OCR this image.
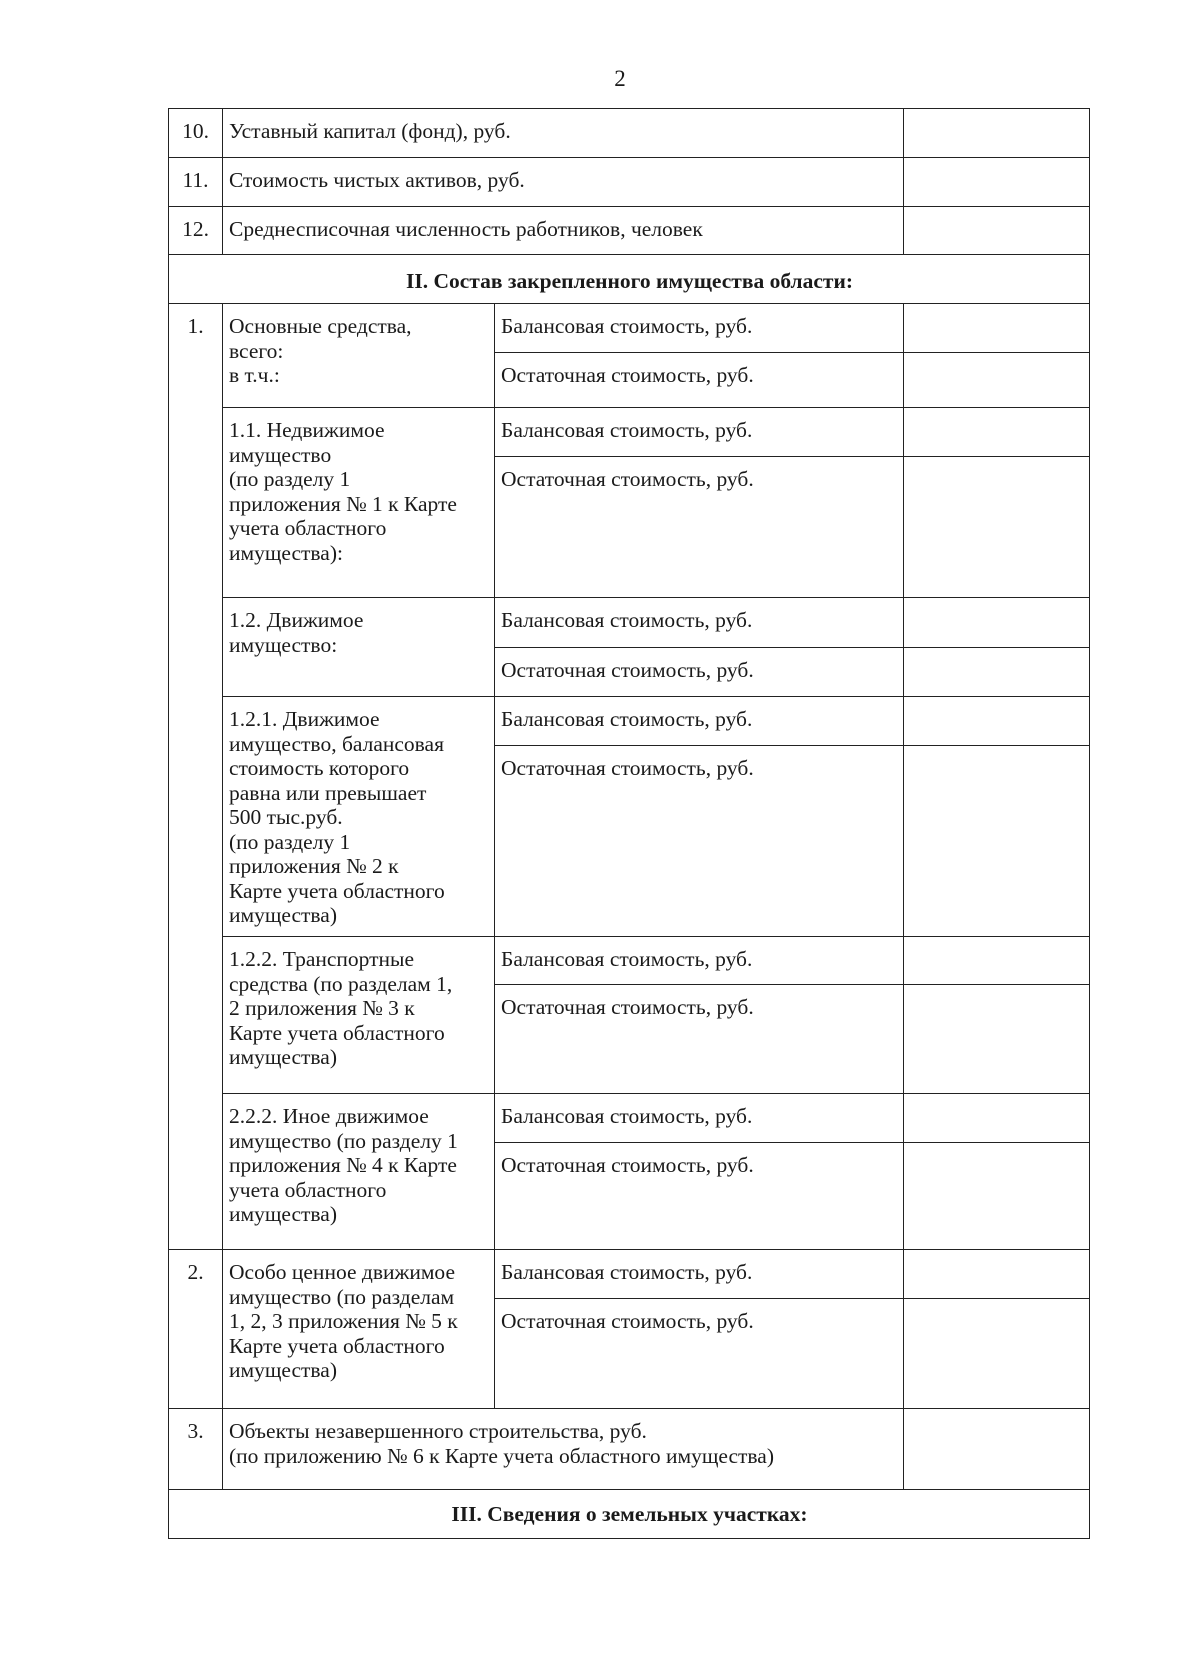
2
10. Уставный капитал (фонд), руб.
11. Стоимость чистых активов, руб.
12. Среднесписочная численность работников, человек
II. Состав закрепленного имущества области:
1.
2.
Основные средства,
всего:
в т.ч.:
Балансовая стоимость, руб.
Остаточная стоимость, руб.
1.1. Недвижимое
имущество
(по разделу 1
приложения № 1 к Карте
учета областного
имущества):
Балансовая стоимость, руб.
Остаточная стоимость, руб.
1.2. Движимое
имущество:
Балансовая стоимость, руб.
Остаточная стоимость, руб.
1.2.1. Движимое
имущество, балансовая
стоимость которого
равна или превышает
500 тыс.руб.
(по разделу 1
приложения № 2 к
Карте учета областного
имущества)
Балансовая стоимость, руб.
Остаточная стоимость, руб.
1.2.2. Транспортные
средства (по разделам 1,
2 приложения № 3 к
Карте учета областного
имущества)
Балансовая стоимость, руб.
Остаточная стоимость, руб.
2.2.2. Иное движимое
имущество (по разделу 1
приложения № 4 к Карте
учета областного
имущества)
Балансовая стоимость, руб.
Остаточная стоимость, руб.
Особо ценное движимое
имущество (по разделам
1, 2, 3 приложения № 5 к
Карте учета областного
имущества)
Балансовая стоимость, руб.
Остаточная стоимость, руб.
3.	Объекты незавершенного строительства, руб.
(по приложению № 6 к Карте учета областного имущества)
III. Сведения о земельных участках:
